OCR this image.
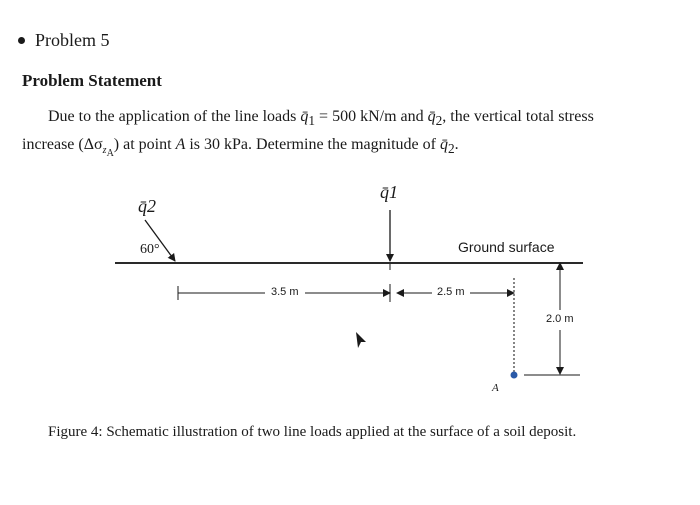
Problem 5
Problem Statement
Due to the application of the line loads $q̄_1 = 500$ kN/m and $q̄_2$, the vertical total stress
increase $(\Delta\sigma_{z_A})$ at point A is 30 kPa. Determine the magnitude of $q̄_2$.
q̄2
q̄1
60°	Ground surface
3.5 m	2.5 m
2.0 m
A
Figure 4: Schematic illustration of two line loads applied at the surface of a soil deposit.
